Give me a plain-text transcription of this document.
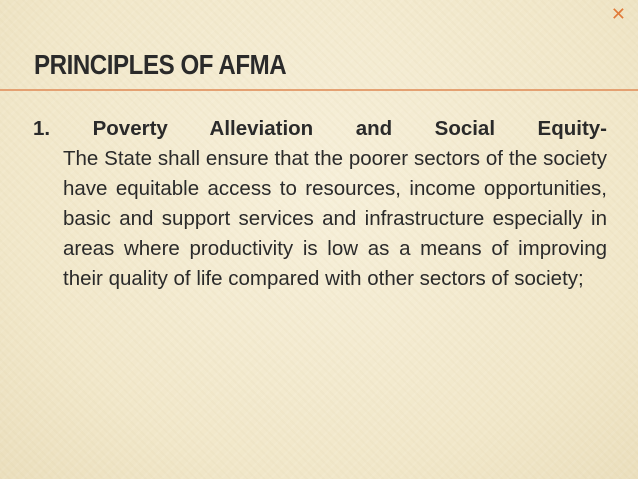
✕
PRINCIPLES OF AFMA
1. Poverty Alleviation and Social Equity-
The State shall ensure that the poorer sectors of the society have equitable access to resources, income opportunities, basic and support services and infrastructure especially in areas where productivity is low as a means of improving their quality of life compared with other sectors of society;
